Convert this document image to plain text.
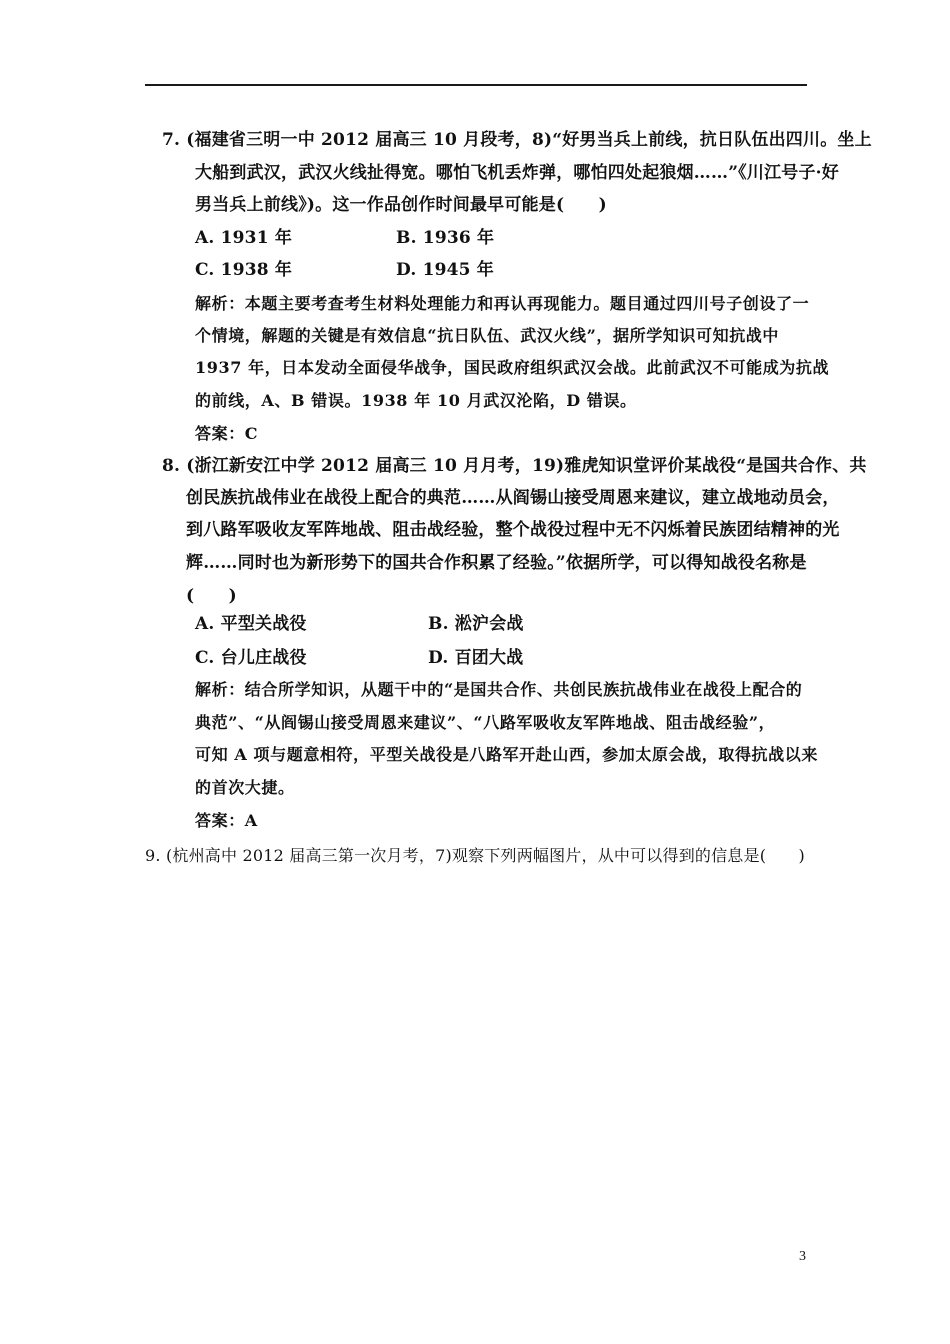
7. (福建省三明一中 2012 届高三 10 月段考，8)“好男当兵上前线，抗日队伍出四川。坐上
大船到武汉，武汉火线扯得宽。哪怕飞机丢炸弹，哪怕四处起狼烟……”《川江号子·好
男当兵上前线》)。这一作品创作时间最早可能是(　　)
A. 1931 年	B. 1936 年
C. 1938 年	D. 1945 年
解析：本题主要考查考生材料处理能力和再认再现能力。题目通过四川号子创设了一
个情境，解题的关键是有效信息“抗日队伍、武汉火线”，据所学知识可知抗战中
1937 年，日本发动全面侵华战争，国民政府组织武汉会战。此前武汉不可能成为抗战
的前线，A、B 错误。1938 年 10 月武汉沦陷，D 错误。
答案：C
8. (浙江新安江中学 2012 届高三 10 月月考，19)雅虎知识堂评价某战役“是国共合作、共
创民族抗战伟业在战役上配合的典范……从阎锡山接受周恩来建议，建立战地动员会，
到八路军吸收友军阵地战、阻击战经验，整个战役过程中无不闪烁着民族团结精神的光
辉……同时也为新形势下的国共合作积累了经验。”依据所学，可以得知战役名称是
(　　)
A. 平型关战役	B. 淞沪会战
C. 台儿庄战役	D. 百团大战
解析：结合所学知识，从题干中的“是国共合作、共创民族抗战伟业在战役上配合的
典范”、“从阎锡山接受周恩来建议”、“八路军吸收友军阵地战、阻击战经验”，
可知 A 项与题意相符，平型关战役是八路军开赴山西，参加太原会战，取得抗战以来
的首次大捷。
答案：A
9. (杭州高中 2012 届高三第一次月考，7)观察下列两幅图片，从中可以得到的信息是(　　)
3
